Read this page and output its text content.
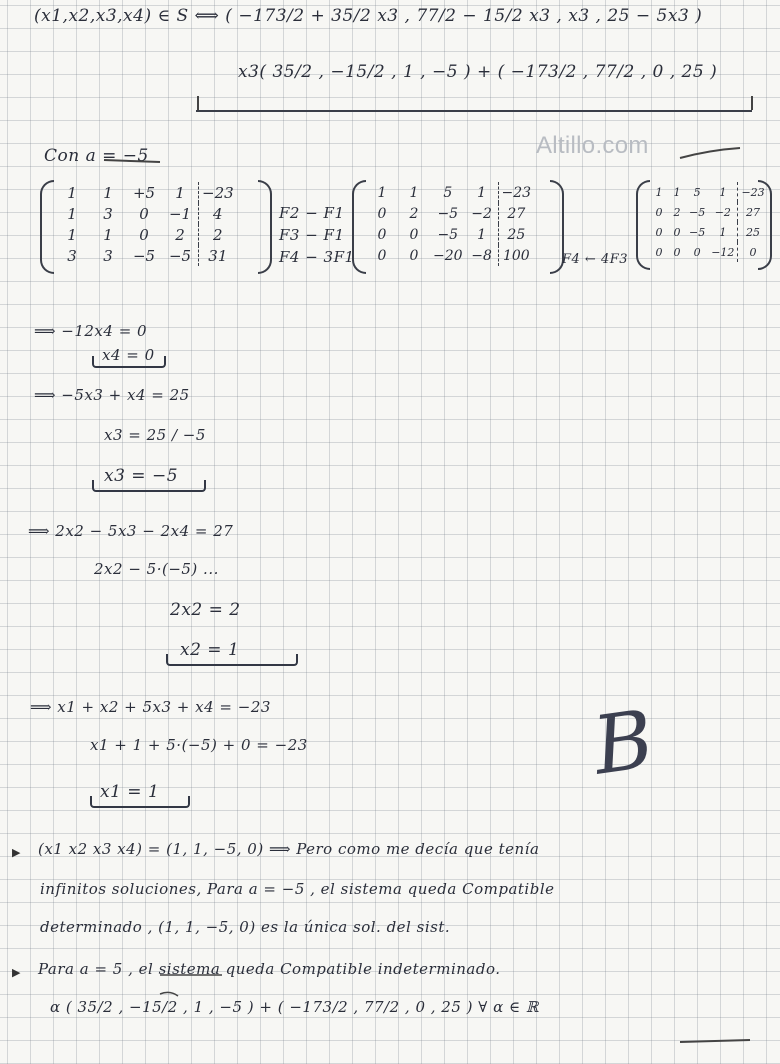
Altillo.com
(x1,x2,x3,x4) ∈ S ⟺ ( −173/2 + 35/2 x3 , 77/2 − 15/2 x3 , x3 , 25 − 5x3 )
x3( 35/2 , −15/2 , 1 , −5 ) + ( −173/2 , 77/2 , 0 , 25 )
Con a = −5
1	1	+5	1	−23
1	3	0	−1	4
1	1	0	2	2
3	3	−5	−5	31
F2 − F1
F3 − F1
F4 − 3F1
1	1	5	1	−23
0	2	−5	−2	27
0	0	−5	1	25
0	0	−20	−8	100 F4 ← 4F3
1	1	5	1	−23
0	2	−5	−2	27
0	0	−5	1	25
0	0	0	−12	0
⟹ −12x4 = 0
x4 = 0
⟹ −5x3 + x4 = 25
x3 = 25 / −5
x3 = −5
⟹ 2x2 − 5x3 − 2x4 = 27
2x2 − 5·(−5) ...
2x2 = 2
x2 = 1
⟹ x1 + x2 + 5x3 + x4 = −23
x1 + 1 + 5·(−5) + 0 = −23
x1 = 1	B
▶ (x1 x2 x3 x4) = (1, 1, −5, 0) ⟹ Pero como me decía que tenía
infinitos soluciones, Para a = −5 , el sistema queda Compatible
determinado , (1, 1, −5, 0) es la única sol. del sist.
▶ Para a = 5 , el sistema queda Compatible indeterminado.
α ( 35/2 , −15/2 , 1 , −5 ) + ( −173/2 , 77/2 , 0 , 25 ) ∀ α ∈ ℝ
